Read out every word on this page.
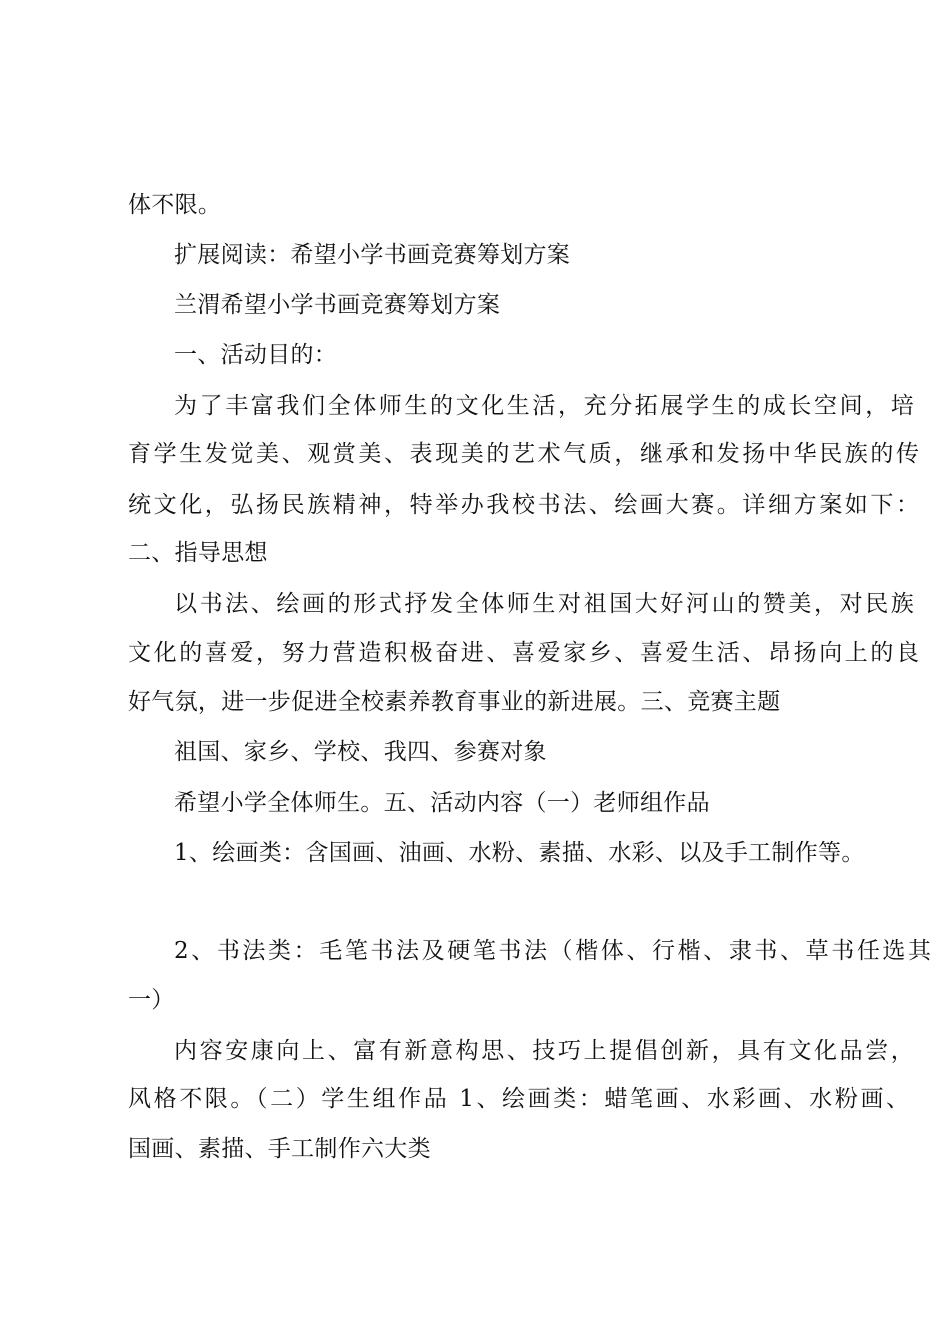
体不限。
扩展阅读：希望小学书画竞赛筹划方案
兰渭希望小学书画竞赛筹划方案
一、活动目的：
为了丰富我们全体师生的文化生活，充分拓展学生的成长空间，培
育学生发觉美、观赏美、表现美的艺术气质，继承和发扬中华民族的传
统文化，弘扬民族精神，特举办我校书法、绘画大赛。详细方案如下：
二、指导思想
以书法、绘画的形式抒发全体师生对祖国大好河山的赞美，对民族
文化的喜爱，努力营造积极奋进、喜爱家乡、喜爱生活、昂扬向上的良
好气氛，进一步促进全校素养教育事业的新进展。三、竞赛主题
祖国、家乡、学校、我四、参赛对象
希望小学全体师生。五、活动内容（一）老师组作品
1、绘画类：含国画、油画、水粉、素描、水彩、以及手工制作等。
2、书法类：毛笔书法及硬笔书法（楷体、行楷、隶书、草书任选其
一）
内容安康向上、富有新意构思、技巧上提倡创新，具有文化品尝，
风格不限。（二）学生组作品 1、绘画类：蜡笔画、水彩画、水粉画、
国画、素描、手工制作六大类
